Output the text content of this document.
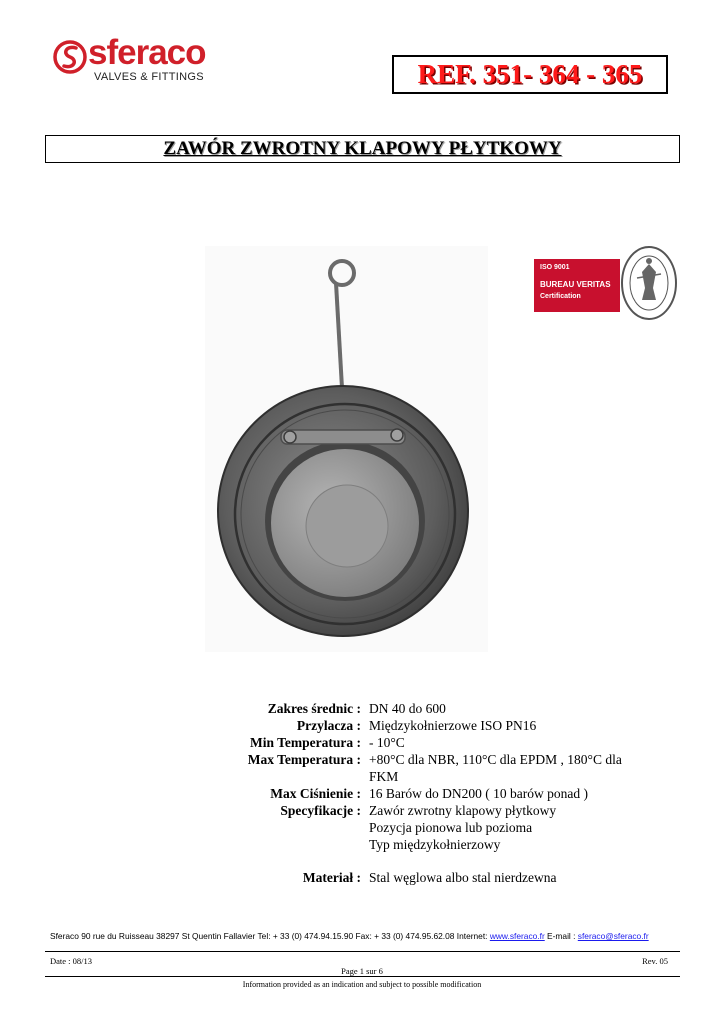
sferaco
VALVES & FITTINGS	REF. 351- 364 - 365
ZAWÓR ZWROTNY KLAPOWY PŁYTKOWY
ISO 9001
BUREAU VERITAS
Certification
Zakres średnic : DN 40 do 600
Przylacza : Międzykołnierzowe ISO PN16
Min Temperatura : - 10°C
Max Temperatura : +80°C dla NBR, 110°C dla EPDM , 180°C dla
FKM
Max Ciśnienie : 16 Barów do DN200 ( 10 barów ponad )
Specyfikacje : Zawór zwrotny klapowy płytkowy
Pozycja pionowa lub pozioma
Typ międzykołnierzowy
Materiał : Stal węglowa albo stal nierdzewna
Sferaco 90 rue du Ruisseau 38297 St Quentin Fallavier Tel: + 33 (0) 474.94.15.90 Fax: + 33 (0) 474.95.62.08 Internet: www.sferaco.fr E-mail : sferaco@sferaco.fr
Date : 08/13	Rev. 05
Page 1 sur 6
Information provided as an indication and subject to possible modification
